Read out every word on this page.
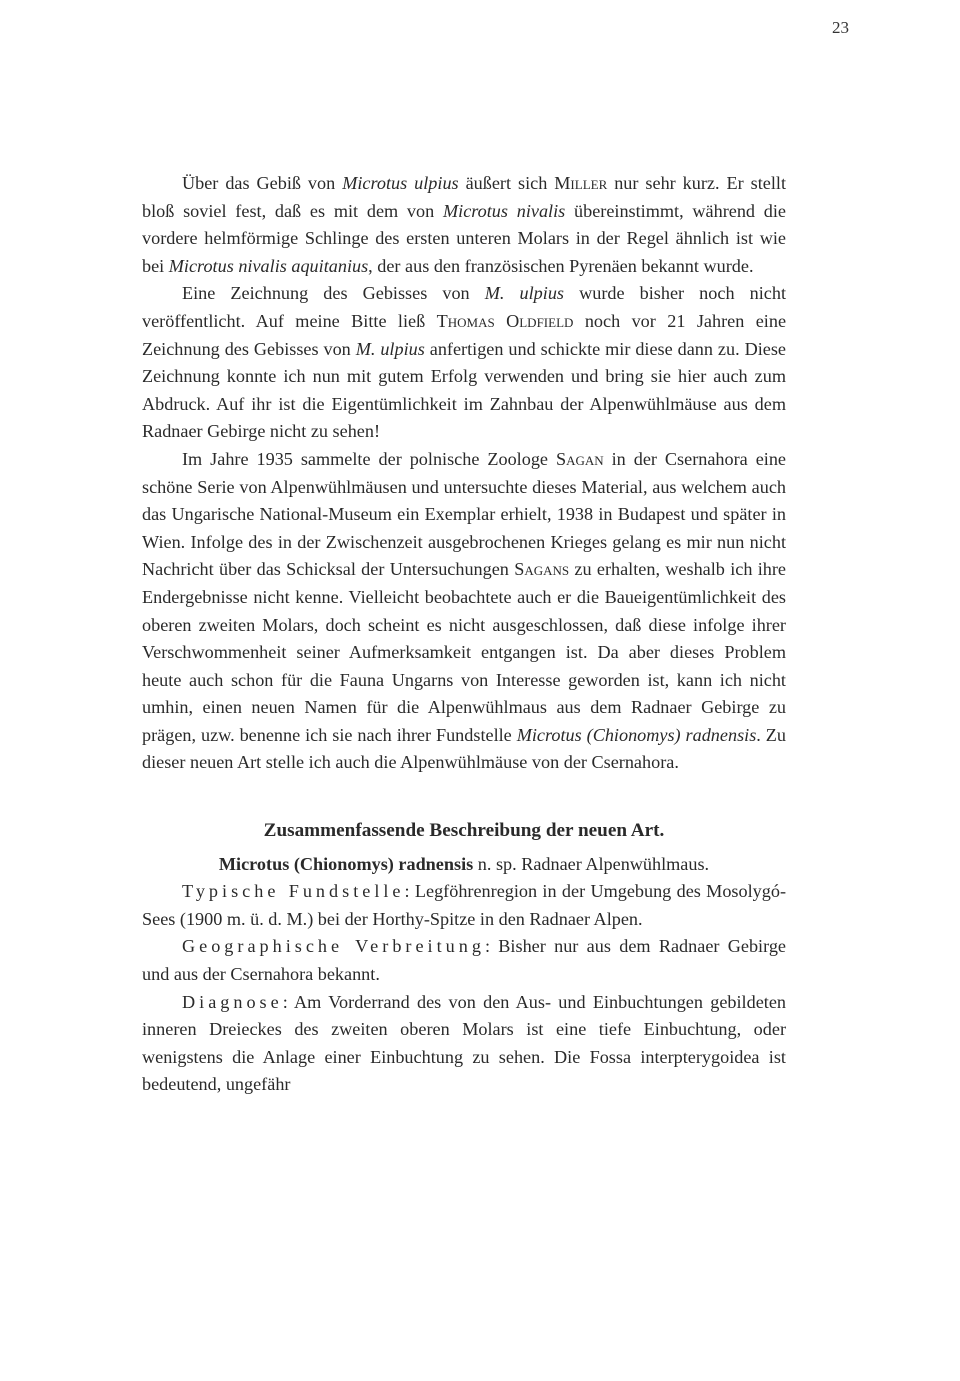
23

Über das Gebiß von Microtus ulpius äußert sich Miller nur sehr kurz. Er stellt bloß soviel fest, daß es mit dem von Microtus nivalis übereinstimmt, während die vordere helmförmige Schlinge des ersten unteren Molars in der Regel ähnlich ist wie bei Microtus nivalis aquitanius, der aus den französischen Pyrenäen bekannt wurde.

Eine Zeichnung des Gebisses von M. ulpius wurde bisher noch nicht veröffentlicht. Auf meine Bitte ließ Thomas Oldfield noch vor 21 Jahren eine Zeichnung des Gebisses von M. ulpius anfertigen und schickte mir diese dann zu. Diese Zeichnung konnte ich nun mit gutem Erfolg verwenden und bring sie hier auch zum Abdruck. Auf ihr ist die Eigentümlichkeit im Zahnbau der Alpenwühlmäuse aus dem Radnaer Gebirge nicht zu sehen!

Im Jahre 1935 sammelte der polnische Zoologe Sagan in der Csernahora eine schöne Serie von Alpenwühlmäusen und untersuchte dieses Material, aus welchem auch das Ungarische National-Museum ein Exemplar erhielt, 1938 in Budapest und später in Wien. Infolge des in der Zwischenzeit ausgebrochenen Krieges gelang es mir nun nicht Nachricht über das Schicksal der Untersuchungen Sagans zu erhalten, weshalb ich ihre Endergebnisse nicht kenne. Vielleicht beobachtete auch er die Baueigentümlichkeit des oberen zweiten Molars, doch scheint es nicht ausgeschlossen, daß diese infolge ihrer Verschwommenheit seiner Aufmerksamkeit entgangen ist. Da aber dieses Problem heute auch schon für die Fauna Ungarns von Interesse geworden ist, kann ich nicht umhin, einen neuen Namen für die Alpenwühlmaus aus dem Radnaer Gebirge zu prägen, uzw. benenne ich sie nach ihrer Fundstelle Microtus (Chionomys) radnensis. Zu dieser neuen Art stelle ich auch die Alpenwühlmäuse von der Csernahora.

Zusammenfassende Beschreibung der neuen Art.

Microtus (Chionomys) radnensis n. sp. Radnaer Alpenwühlmaus.

Typische Fundstelle: Legföhrenregion in der Umgebung des Mosolygó-Sees (1900 m. ü. d. M.) bei der Horthy-Spitze in den Radnaer Alpen.

Geographische Verbreitung: Bisher nur aus dem Radnaer Gebirge und aus der Csernahora bekannt.

Diagnose: Am Vorderrand des von den Aus- und Einbuchtungen gebildeten inneren Dreieckes des zweiten oberen Molars ist eine tiefe Einbuchtung, oder wenigstens die Anlage einer Einbuchtung zu sehen. Die Fossa interpterygoidea ist bedeutend, ungefähr
